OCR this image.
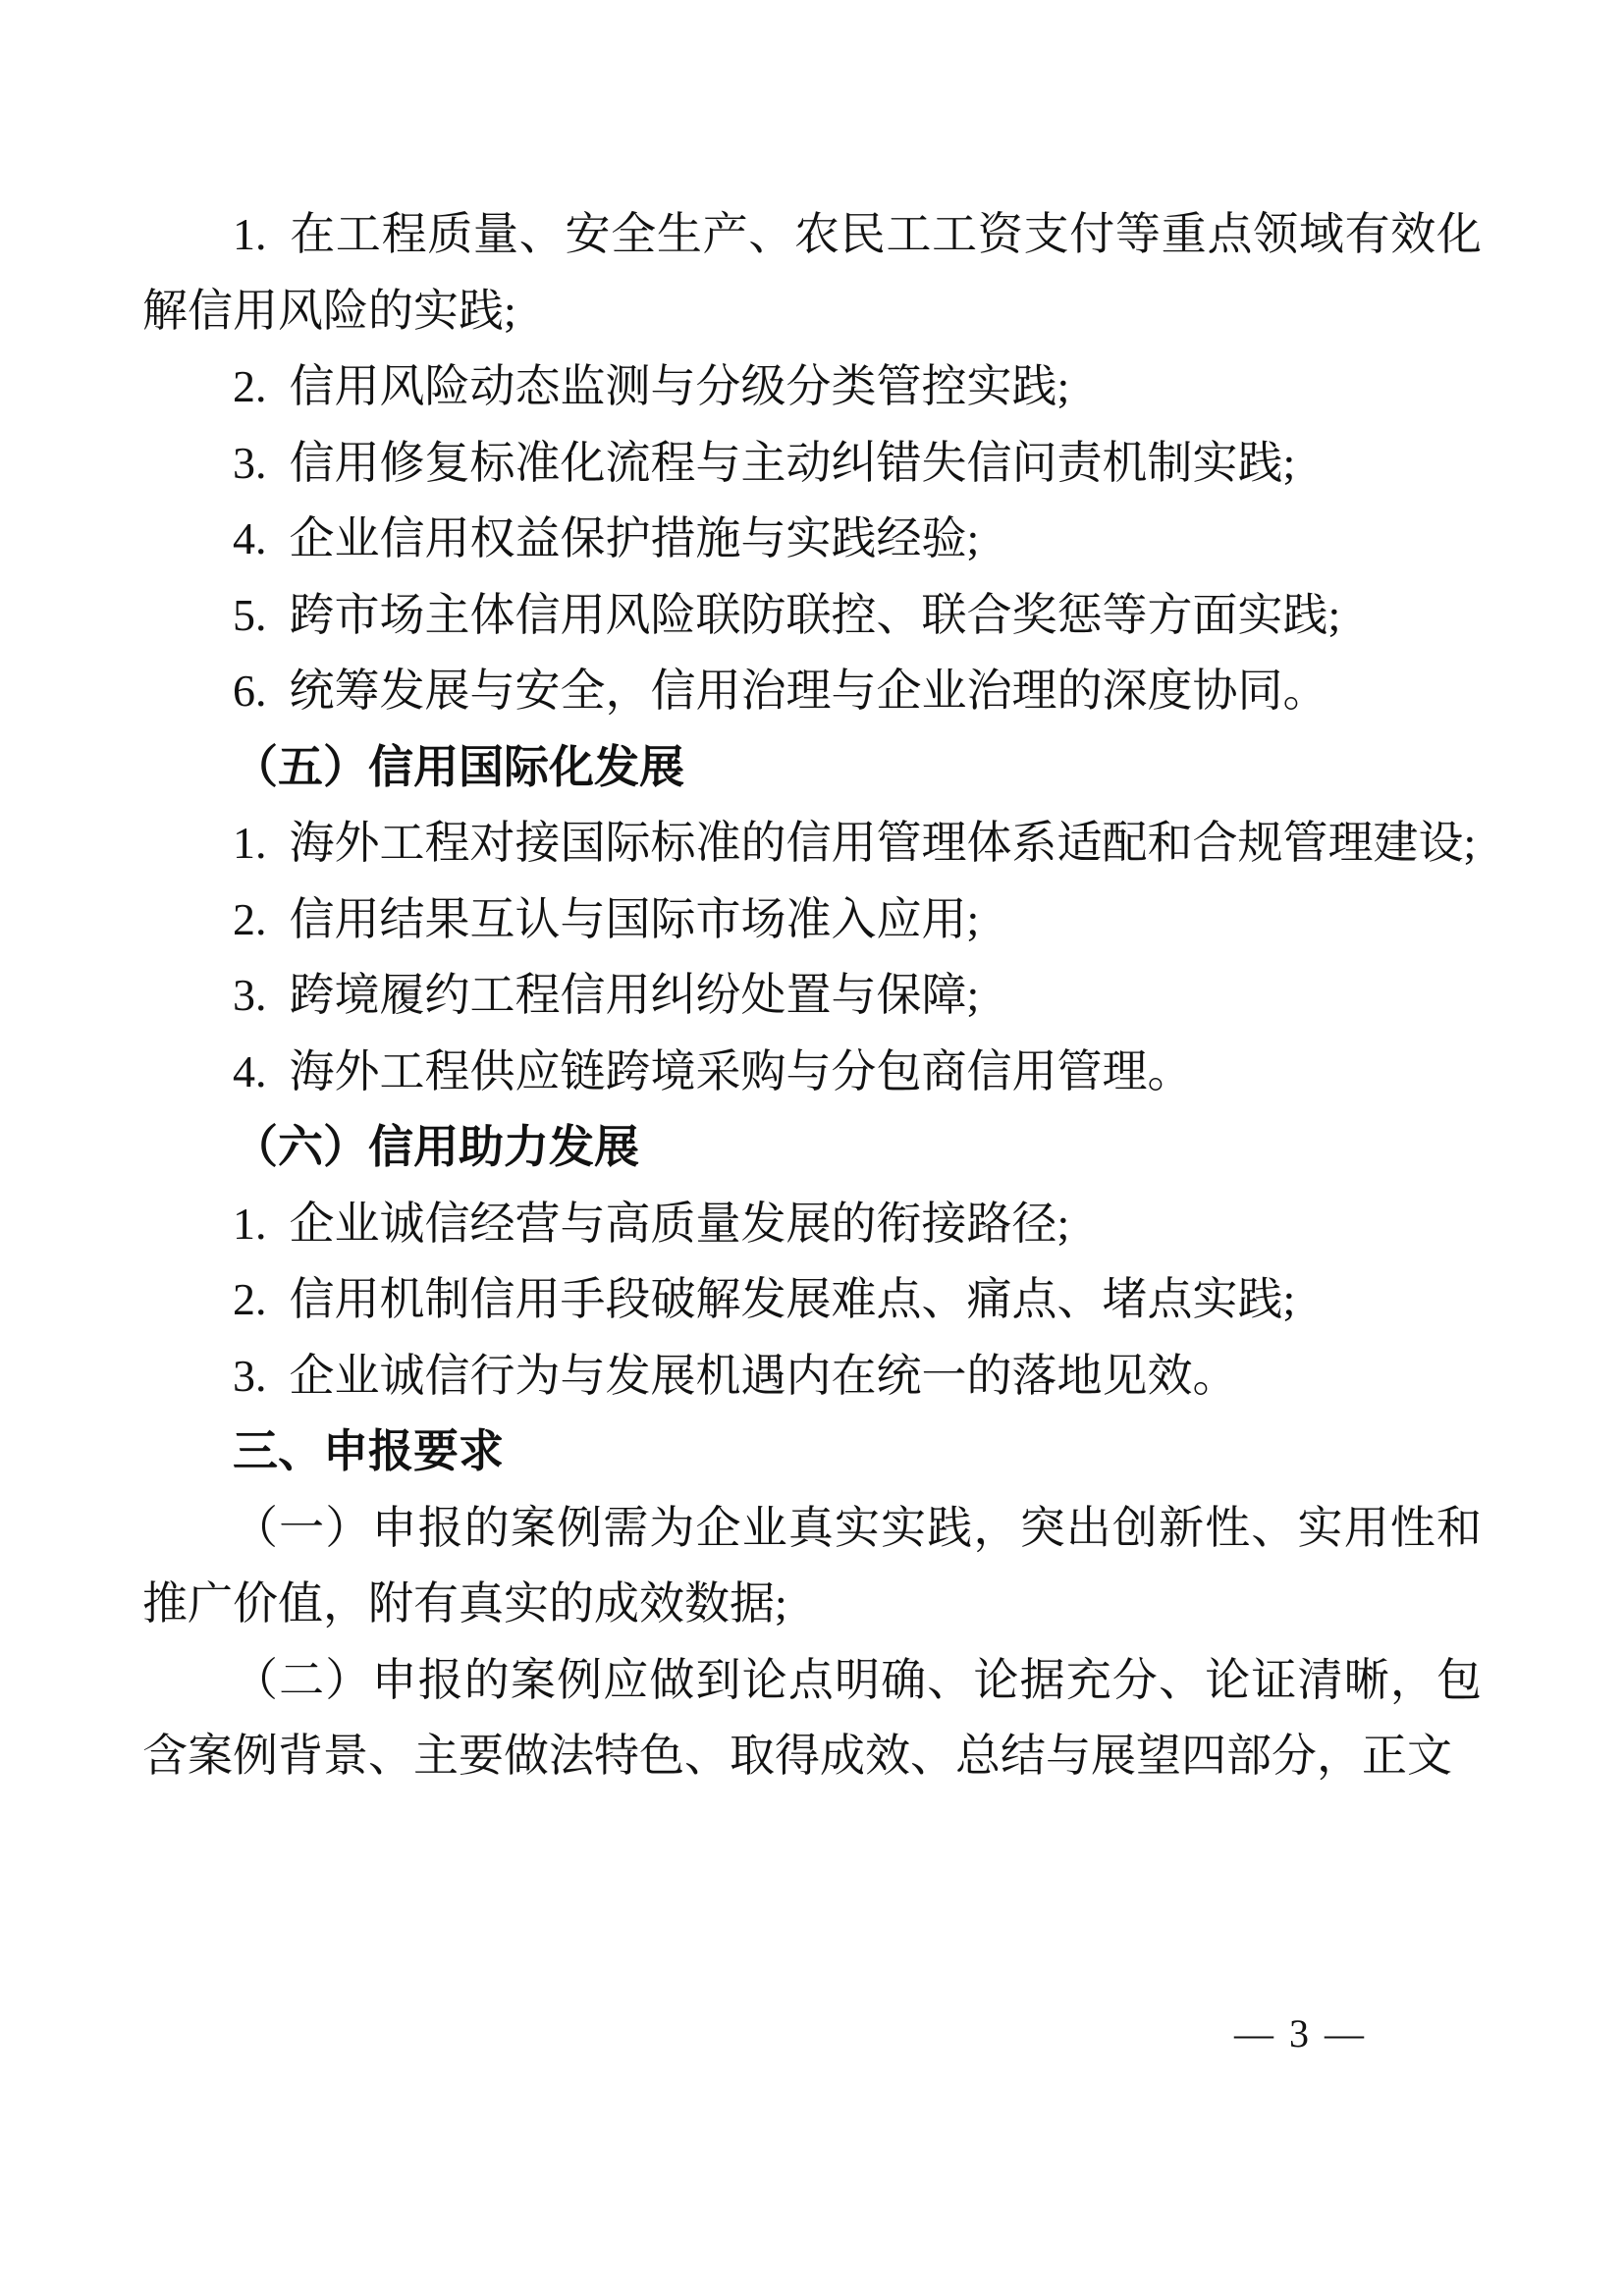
1. 在工程质量、安全生产、农民工工资支付等重点领域有效化解信用风险的实践;
2. 信用风险动态监测与分级分类管控实践;
3. 信用修复标准化流程与主动纠错失信问责机制实践;
4. 企业信用权益保护措施与实践经验;
5. 跨市场主体信用风险联防联控、联合奖惩等方面实践;
6. 统筹发展与安全，信用治理与企业治理的深度协同。
（五）信用国际化发展
1. 海外工程对接国际标准的信用管理体系适配和合规管理建设;
2. 信用结果互认与国际市场准入应用;
3. 跨境履约工程信用纠纷处置与保障;
4. 海外工程供应链跨境采购与分包商信用管理。
（六）信用助力发展
1. 企业诚信经营与高质量发展的衔接路径;
2. 信用机制信用手段破解发展难点、痛点、堵点实践;
3. 企业诚信行为与发展机遇内在统一的落地见效。
三、申报要求
（一）申报的案例需为企业真实实践，突出创新性、实用性和推广价值，附有真实的成效数据;
（二）申报的案例应做到论点明确、论据充分、论证清晰，包含案例背景、主要做法特色、取得成效、总结与展望四部分，正文
— 3 —
